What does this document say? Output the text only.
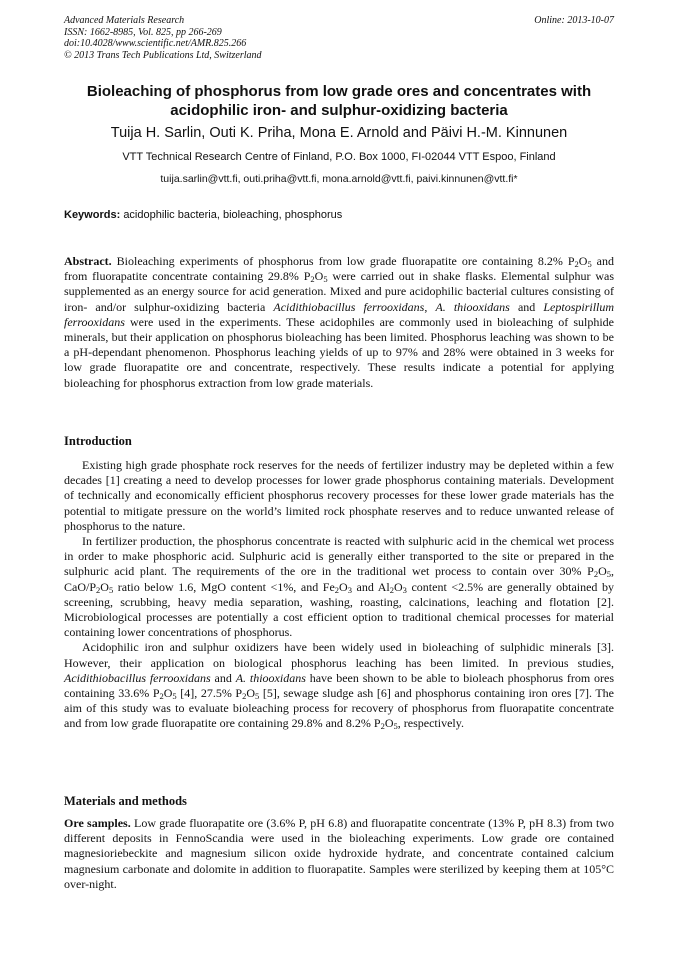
Advanced Materials Research
ISSN: 1662-8985, Vol. 825, pp 266-269
doi:10.4028/www.scientific.net/AMR.825.266
© 2013 Trans Tech Publications Ltd, Switzerland
Online: 2013-10-07
Bioleaching of phosphorus from low grade ores and concentrates with
acidophilic iron- and sulphur-oxidizing bacteria
Tuija H. Sarlin, Outi K. Priha, Mona E. Arnold and Päivi H.-M. Kinnunen
VTT Technical Research Centre of Finland, P.O. Box 1000, FI-02044 VTT Espoo, Finland
tuija.sarlin@vtt.fi, outi.priha@vtt.fi, mona.arnold@vtt.fi, paivi.kinnunen@vtt.fi*
Keywords: acidophilic bacteria, bioleaching, phosphorus

Abstract. Bioleaching experiments of phosphorus from low grade fluorapatite ore containing 8.2% $P_2O_5$ and from fluorapatite concentrate containing 29.8% $P_2O_5$ were carried out in shake flasks. Elemental sulphur was supplemented as an energy source for acid generation. Mixed and pure acidophilic bacterial cultures consisting of iron- and/or sulphur-oxidizing bacteria Acidithiobacillus ferrooxidans, A. thiooxidans and Leptospirillum ferrooxidans were used in the experiments. These acidophiles are commonly used in bioleaching of sulphide minerals, but their application on phosphorus bioleaching has been limited. Phosphorus leaching was shown to be a pH-dependant phenomenon. Phosphorus leaching yields of up to 97% and 28% were obtained in 3 weeks for low grade fluorapatite ore and concentrate, respectively. These results indicate a potential for applying bioleaching for phosphorus extraction from low grade materials.

Introduction

Existing high grade phosphate rock reserves for the needs of fertilizer industry may be depleted within a few decades [1] creating a need to develop processes for lower grade phosphorus containing materials. Development of technically and economically efficient phosphorus recovery processes for these lower grade materials has the potential to mitigate pressure on the world’s limited rock phosphate reserves and to reduce unwanted release of phosphorus to the nature.

In fertilizer production, the phosphorus concentrate is reacted with sulphuric acid in the chemical wet process in order to make phosphoric acid. Sulphuric acid is generally either transported to the site or prepared in the sulphuric acid plant. The requirements of the ore in the traditional wet process to contain over 30% $P_2O_5$, CaO/$P_2O_5$ ratio below 1.6, MgO content <1%, and $Fe_2O_3$ and $Al_2O_3$ content <2.5% are generally obtained by screening, scrubbing, heavy media separation, washing, roasting, calcinations, leaching and flotation [2]. Microbiological processes are potentially a cost efficient option to traditional chemical processes for material containing lower concentrations of phosphorus.

Acidophilic iron and sulphur oxidizers have been widely used in bioleaching of sulphidic minerals [3]. However, their application on biological phosphorus leaching has been limited. In previous studies, Acidithiobacillus ferrooxidans and A. thiooxidans have been shown to be able to bioleach phosphorus from ores containing 33.6% $P_2O_5$ [4], 27.5% $P_2O_5$ [5], sewage sludge ash [6] and phosphorus containing iron ores [7]. The aim of this study was to evaluate bioleaching process for recovery of phosphorus from fluorapatite concentrate and from low grade fluorapatite ore containing 29.8% and 8.2% $P_2O_5$, respectively.

Materials and methods

Ore samples. Low grade fluorapatite ore (3.6% P, pH 6.8) and fluorapatite concentrate (13% P, pH 8.3) from two different deposits in FennoScandia were used in the bioleaching experiments. Low grade ore contained magnesioriebeckite and magnesium silicon oxide hydroxide hydrate, and concentrate contained calcium magnesium carbonate and dolomite in addition to fluorapatite. Samples were sterilized by keeping them at 105°C over-night.
